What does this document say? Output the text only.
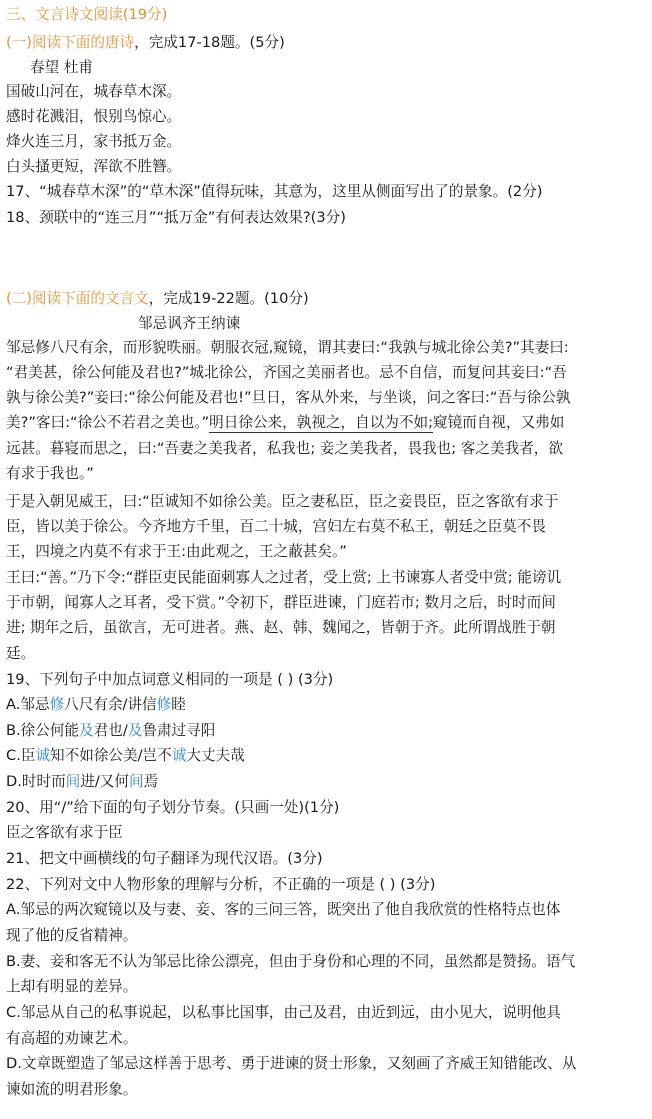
三、文言诗文阅读(19分)
(一)阅读下面的唐诗，完成17-18题。(5分)
春望 杜甫
国破山河在，城春草木深。
感时花溅泪，恨别鸟惊心。
烽火连三月，家书抵万金。
白头搔更短，浑欲不胜簪。
17、“城春草木深”的“草木深”值得玩味，其意为，这里从侧面写出了的景象。(2分)
18、颈联中的“连三月”“抵万金”有何表达效果?(3分)
(二)阅读下面的文言文，完成19-22题。(10分)
邹忌讽齐王纳谏
邹忌修八尺有余，而形貌昳丽。朝服衣冠,窥镜，谓其妻曰:“我孰与城北徐公美?”其妻曰:
“君美甚，徐公何能及君也?”城北徐公，齐国之美丽者也。忌不自信，而复问其妾曰:“吾
孰与徐公美?”妾曰:“徐公何能及君也!”旦日，客从外来，与坐谈，问之客曰:“吾与徐公孰
美?”客曰:“徐公不若君之美也。”明日徐公来，孰视之，自以为不如;窥镜而自视，又弗如
远甚。暮寝而思之，曰:“吾妻之美我者，私我也; 妾之美我者，畏我也; 客之美我者，欲
有求于我也。”
于是入朝见威王，曰:“臣诚知不如徐公美。臣之妻私臣，臣之妾畏臣，臣之客欲有求于
臣，皆以美于徐公。今齐地方千里，百二十城，宫妇左右莫不私王，朝廷之臣莫不畏
王，四境之内莫不有求于王:由此观之，王之蔽甚矣。”
王曰:“善。”乃下令:“群臣吏民能面刺寡人之过者，受上赏; 上书谏寡人者受中赏; 能谤讥
于市朝，闻寡人之耳者，受下赏。”令初下，群臣进谏，门庭若市; 数月之后，时时而间
进; 期年之后，虽欲言，无可进者。燕、赵、韩、魏闻之，皆朝于齐。此所谓战胜于朝
廷。
19、下列句子中加点词意义相同的一项是 ( ) (3分)
A.邹忌修八尺有余/讲信修睦
B.徐公何能及君也/及鲁肃过寻阳
C.臣诚知不如徐公美/岂不诚大丈夫哉
D.时时而间进/又何间焉
20、用“/”给下面的句子划分节奏。(只画一处)(1分)
臣之客欲有求于臣
21、把文中画横线的句子翻译为现代汉语。(3分)
22、下列对文中人物形象的理解与分析，不正确的一项是 ( ) (3分)
A.邹忌的两次窥镜以及与妻、妾、客的三问三答，既突出了他自我欣赏的性格特点也体
现了他的反省精神。
B.妻、妾和客无不认为邹忌比徐公漂亮，但由于身份和心理的不同，虽然都是赞扬。语气
上却有明显的差异。
C.邹忌从自己的私事说起，以私事比国事，由己及君，由近到远，由小见大，说明他具
有高超的劝谏艺术。
D.文章既塑造了邹忌这样善于思考、勇于进谏的贤士形象，又刻画了齐威王知错能改、从
谏如流的明君形象。
